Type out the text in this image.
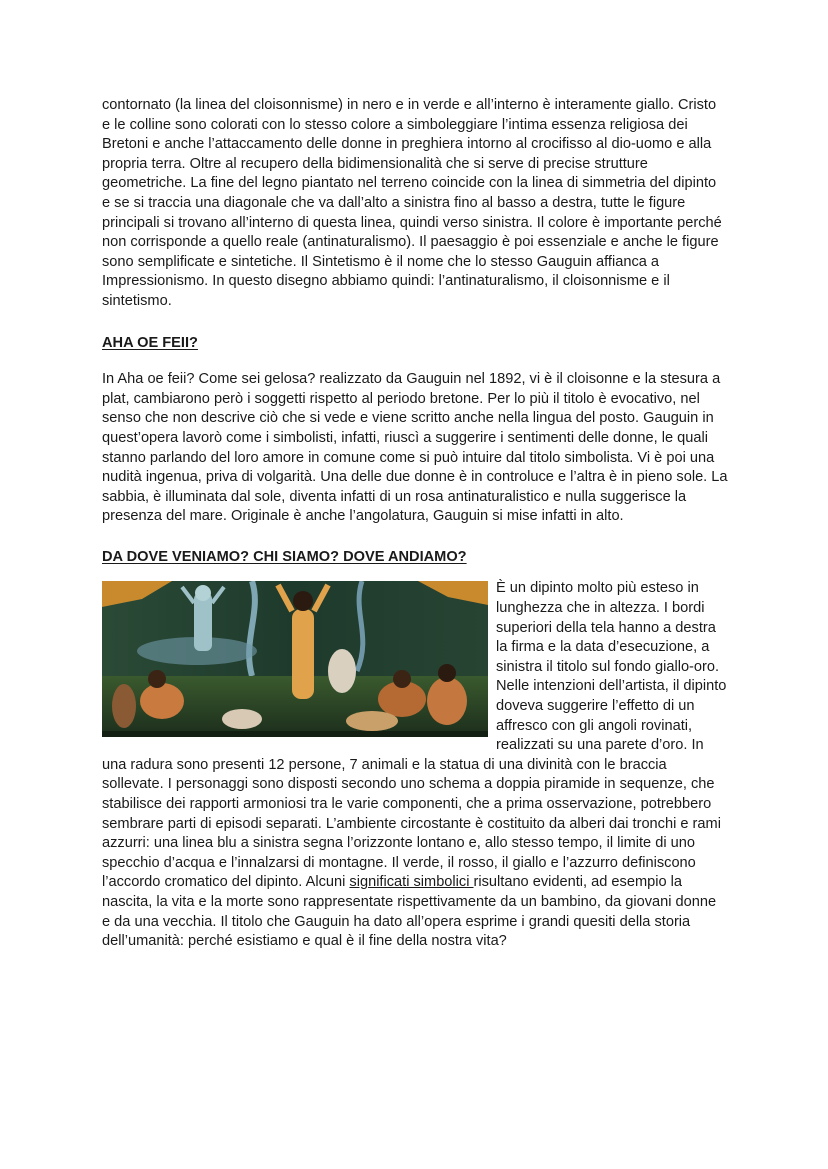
contornato (la linea del cloisonnisme) in nero e in verde e all’interno è interamente giallo. Cristo e le colline sono colorati con lo stesso colore a simboleggiare l’intima essenza religiosa dei Bretoni e anche l’attaccamento delle donne in preghiera intorno al crocifisso al dio-uomo e alla propria terra. Oltre al recupero della bidimensionalità che si serve di precise strutture geometriche. La fine del legno piantato nel terreno coincide con la linea di simmetria del dipinto e se si traccia una diagonale che va dall’alto a sinistra fino al basso a destra, tutte le figure principali si trovano all’interno di questa linea, quindi verso sinistra. Il colore è importante perché non corrisponde a quello reale (antinaturalismo). Il paesaggio è poi essenziale e anche le figure sono semplificate e sintetiche. Il Sintetismo è il nome che lo stesso Gauguin affianca a Impressionismo. In questo disegno abbiamo quindi: l’antinaturalismo, il cloisonnisme e il sintetismo.

AHA OE FEII?

In Aha oe feii? Come sei gelosa? realizzato da Gauguin nel 1892, vi è il cloisonne e la stesura a plat, cambiarono però i soggetti rispetto al periodo bretone. Per lo più il titolo è evocativo, nel senso che non descrive ciò che si vede e viene scritto anche nella lingua del posto. Gauguin in quest’opera lavorò come i simbolisti, infatti, riuscì a suggerire i sentimenti delle donne, le quali stanno parlando del loro amore in comune come si può intuire dal titolo simbolista. Vi è poi una nudità ingenua, priva di volgarità. Una delle due donne è in controluce e l’altra è in pieno sole. La sabbia, è illuminata dal sole, diventa infatti di un rosa antinaturalistico e nulla suggerisce la presenza del mare. Originale è anche l’angolatura, Gauguin si mise infatti in alto.

DA DOVE VENIAMO? CHI SIAMO? DOVE ANDIAMO?

È un dipinto molto più esteso in lunghezza che in altezza. I bordi superiori della tela hanno a destra la firma e la data d’esecuzione, a sinistra il titolo sul fondo giallo-oro. Nelle intenzioni dell’artista, il dipinto doveva suggerire l’effetto di un affresco con gli angoli rovinati, realizzati su una parete d’oro. In una radura sono presenti 12 persone, 7 animali e la statua di una divinità con le braccia sollevate. I personaggi sono disposti secondo uno schema a doppia piramide in sequenze, che stabilisce dei rapporti armoniosi tra le varie componenti, che a prima osservazione, potrebbero sembrare parti di episodi separati. L’ambiente circostante è costituito da alberi dai tronchi e rami azzurri: una linea blu a sinistra segna l’orizzonte lontano e, allo stesso tempo, il limite di uno specchio d’acqua e l’innalzarsi di montagne. Il verde, il rosso, il giallo e l’azzurro definiscono l’accordo cromatico del dipinto. Alcuni significati simbolici risultano evidenti, ad esempio la nascita, la vita e la morte sono rappresentate rispettivamente da un bambino, da giovani donne e da una vecchia. Il titolo che Gauguin ha dato all’opera esprime i grandi quesiti della storia dell’umanità: perché esistiamo e qual è il fine della nostra vita?
